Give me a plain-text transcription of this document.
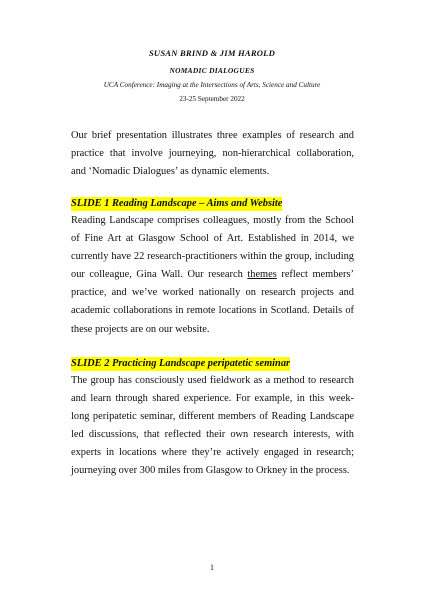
SUSAN BRIND & JIM HAROLD
NOMADIC DIALOGUES
UCA Conference: Imaging at the Intersections of Arts, Science and Culture
23-25 September 2022
Our brief presentation illustrates three examples of research and practice that involve journeying, non-hierarchical collaboration, and ‘Nomadic Dialogues’ as dynamic elements.
SLIDE 1 Reading Landscape – Aims and Website
Reading Landscape comprises colleagues, mostly from the School of Fine Art at Glasgow School of Art. Established in 2014, we currently have 22 research-practitioners within the group, including our colleague, Gina Wall. Our research themes reflect members’ practice, and we’ve worked nationally on research projects and academic collaborations in remote locations in Scotland. Details of these projects are on our website.
SLIDE 2 Practicing Landscape peripatetic seminar
The group has consciously used fieldwork as a method to research and learn through shared experience. For example, in this week-long peripatetic seminar, different members of Reading Landscape led discussions, that reflected their own research interests, with experts in locations where they’re actively engaged in research; journeying over 300 miles from Glasgow to Orkney in the process.
1
